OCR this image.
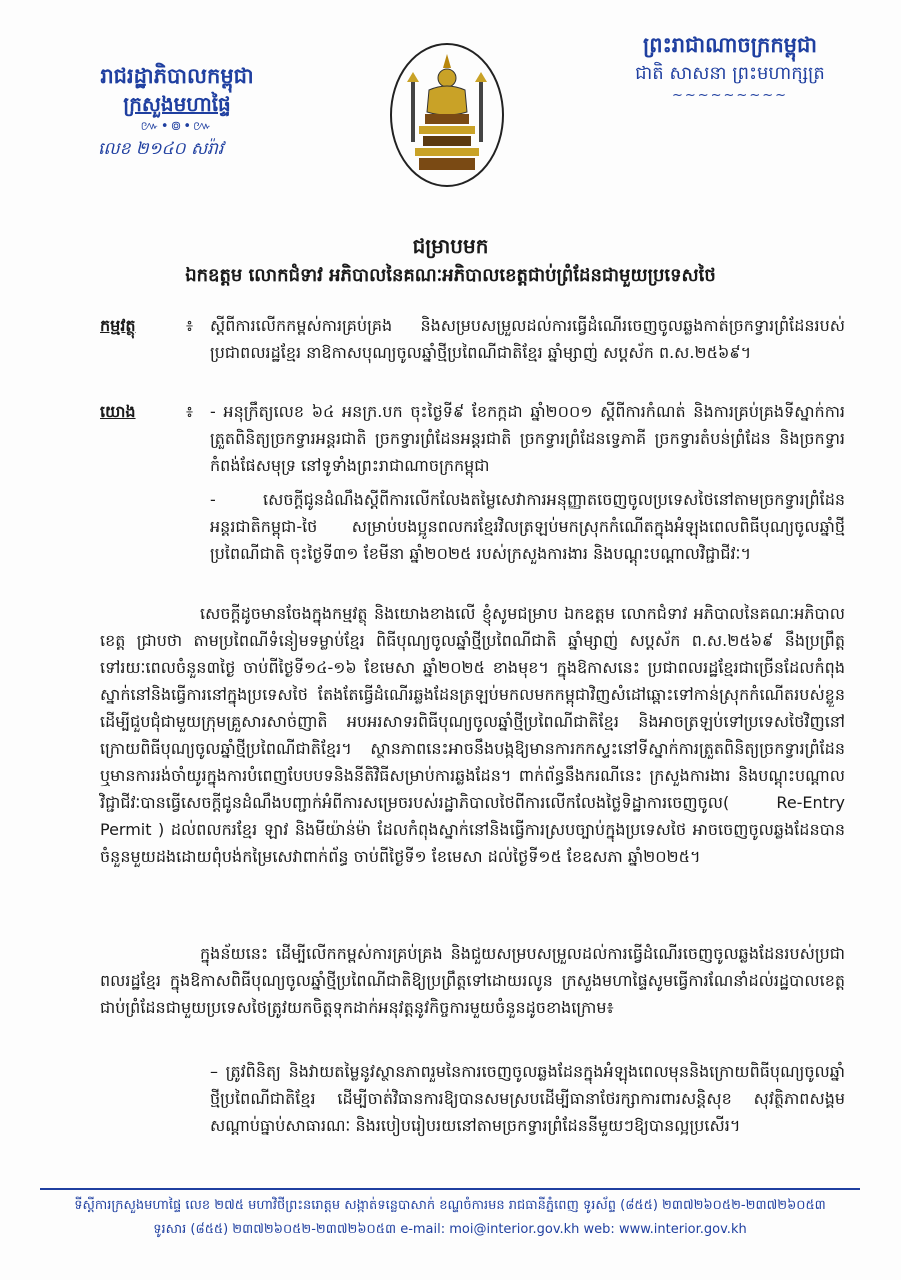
រាជរដ្ឋាភិបាលកម្ពុជា
ក្រសួងមហាផ្ទៃ
៚•៙•៚
លេខ ២១៤០ សរ៉ាវ
ព្រះរាជាណាចក្រកម្ពុជា
ជាតិ សាសនា ព្រះមហាក្សត្រ
~~~~~~~~~
ជម្រាបមក
ឯកឧត្តម លោកជំទាវ អភិបាលនៃគណៈអភិបាលខេត្តជាប់ព្រំដែនជាមួយប្រទេសថៃ
កម្មវត្ថុ	៖ ស្តីពីការលើកកម្ពស់ការគ្រប់គ្រង និងសម្របសម្រួលដល់ការធ្វើដំណើរចេញចូលឆ្លងកាត់ច្រកទ្វារព្រំដែនរបស់ប្រជាពលរដ្ឋខ្មែរ នាឱកាសបុណ្យចូលឆ្នាំថ្មីប្រពៃណីជាតិខ្មែរ ឆ្នាំម្សាញ់ សប្តស័ក ព.ស.២៥៦៩។
យោង	៖ - អនុក្រឹត្យលេខ ៦៤ អនក្រ.បក ចុះថ្ងៃទី៩ ខែកក្កដា ឆ្នាំ២០០១ ស្តីពីការកំណត់ និងការគ្រប់គ្រងទីស្នាក់ការត្រួតពិនិត្យច្រកទ្វារអន្តរជាតិ ច្រកទ្វារព្រំដែនអន្តរជាតិ ច្រកទ្វារព្រំដែនទ្វេភាគី ច្រកទ្វារតំបន់ព្រំដែន និងច្រកទ្វារកំពង់ផែសមុទ្រ នៅទូទាំងព្រះរាជាណាចក្រកម្ពុជា
- សេចក្តីជូនដំណឹងស្តីពីការលើកលែងតម្លៃសេវាការអនុញ្ញាតចេញចូលប្រទេសថៃនៅតាមច្រកទ្វារព្រំដែនអន្តរជាតិកម្ពុជា-ថៃ សម្រាប់បងប្អូនពលករខ្មែរវិលត្រឡប់មកស្រុកកំណើតក្នុងអំឡុងពេលពិធីបុណ្យចូលឆ្នាំថ្មី ប្រពៃណីជាតិ ចុះថ្ងៃទី៣១ ខែមីនា ឆ្នាំ២០២៥ របស់ក្រសួងការងារ និងបណ្តុះបណ្តាលវិជ្ជាជីវៈ។
សេចក្តីដូចមានចែងក្នុងកម្មវត្ថុ និងយោងខាងលើ ខ្ញុំសូមជម្រាប ឯកឧត្តម លោកជំទាវ អភិបាលនៃគណៈអភិបាលខេត្ត ជ្រាបថា តាមប្រពៃណីទំនៀមទម្លាប់ខ្មែរ ពិធីបុណ្យចូលឆ្នាំថ្មីប្រពៃណីជាតិ ឆ្នាំម្សាញ់ សប្តស័ក ព.ស.២៥៦៩ នឹងប្រព្រឹត្តទៅរយៈពេលចំនួន៣ថ្ងៃ ចាប់ពីថ្ងៃទី១៤-១៦ ខែមេសា ឆ្នាំ២០២៥ ខាងមុខ។ ក្នុងឱកាសនេះ ប្រជាពលរដ្ឋខ្មែរជាច្រើនដែលកំពុងស្នាក់នៅនិងធ្វើការនៅក្នុងប្រទេសថៃ តែងតែធ្វើដំណើរឆ្លងដែនត្រឡប់មកលមកកម្ពុជាវិញសំដៅឆ្ពោះទៅកាន់ស្រុកកំណើតរបស់ខ្លួន ដើម្បីជួបជុំជាមួយក្រុមគ្រួសារសាច់ញាតិ អបអរសាទរពិធីបុណ្យចូលឆ្នាំថ្មីប្រពៃណីជាតិខ្មែរ និងអាចត្រឡប់ទៅប្រទេសថៃវិញនៅក្រោយពិធីបុណ្យចូលឆ្នាំថ្មីប្រពៃណីជាតិខ្មែរ។ ស្ថានភាពនេះអាចនឹងបង្កឱ្យមានការកកស្ទះនៅទីស្នាក់ការត្រួតពិនិត្យច្រកទ្វារព្រំដែន ឬមានការរង់ចាំយូរក្នុងការបំពេញបែបបទនិងនីតិវិធីសម្រាប់ការឆ្លងដែន។ ពាក់ព័ន្ធនឹងករណីនេះ ក្រសួងការងារ និងបណ្តុះបណ្តាលវិជ្ជាជីវៈបានធ្វើសេចក្តីជូនដំណឹងបញ្ជាក់អំពីការសម្រេចរបស់រដ្ឋាភិបាលថៃពីការលើកលែងថ្លៃទិដ្ឋាការចេញចូល( Re-Entry Permit ) ដល់ពលករខ្មែរ ឡាវ និងមីយ៉ាន់ម៉ា ដែលកំពុងស្នាក់នៅនិងធ្វើការស្របច្បាប់ក្នុងប្រទេសថៃ អាចចេញចូលឆ្លងដែនបានចំនួនមួយដងដោយពុំបង់កម្រៃសេវាពាក់ព័ន្ធ ចាប់ពីថ្ងៃទី១ ខែមេសា ដល់ថ្ងៃទី១៥ ខែឧសភា ឆ្នាំ២០២៥។
ក្នុងន័យនេះ ដើម្បីលើកកម្ពស់ការគ្រប់គ្រង និងជួយសម្របសម្រួលដល់ការធ្វើដំណើរចេញចូលឆ្លងដែនរបស់ប្រជាពលរដ្ឋខ្មែរ ក្នុងឱកាសពិធីបុណ្យចូលឆ្នាំថ្មីប្រពៃណីជាតិឱ្យប្រព្រឹត្តទៅដោយរលូន ក្រសួងមហាផ្ទៃសូមធ្វើការណែនាំដល់រដ្ឋបាលខេត្តជាប់ព្រំដែនជាមួយប្រទេសថៃត្រូវយកចិត្តទុកដាក់អនុវត្តនូវកិច្ចការមួយចំនួនដូចខាងក្រោម៖
– ត្រូវពិនិត្យ និងវាយតម្លៃនូវស្ថានភាពរួមនៃការចេញចូលឆ្លងដែនក្នុងអំឡុងពេលមុននិងក្រោយពិធីបុណ្យចូលឆ្នាំថ្មីប្រពៃណីជាតិខ្មែរ ដើម្បីចាត់វិធានការឱ្យបានសមស្របដើម្បីធានាថែរក្សាការពារសន្តិសុខ សុវត្ថិភាពសង្គម សណ្តាប់ធ្នាប់សាធារណៈ និងរបៀបរៀបរយនៅតាមច្រកទ្វារព្រំដែននីមួយៗឱ្យបានល្អប្រសើរ។
ទីស្តីការក្រសួងមហាផ្ទៃ លេខ ២៧៥ មហាវិថីព្រះនរោត្តម សង្កាត់ទន្លេបាសាក់ ខណ្ឌចំការមន រាជធានីភ្នំពេញ ទូរស័ព្ទ (៨៥៥) ២៣៧២៦០៥២-២៣៧២៦០៥៣
ទូរសារ (៨៥៥) ២៣៧២៦០៥២-២៣៧២៦០៥៣ e-mail: moi@interior.gov.kh web: www.interior.gov.kh
